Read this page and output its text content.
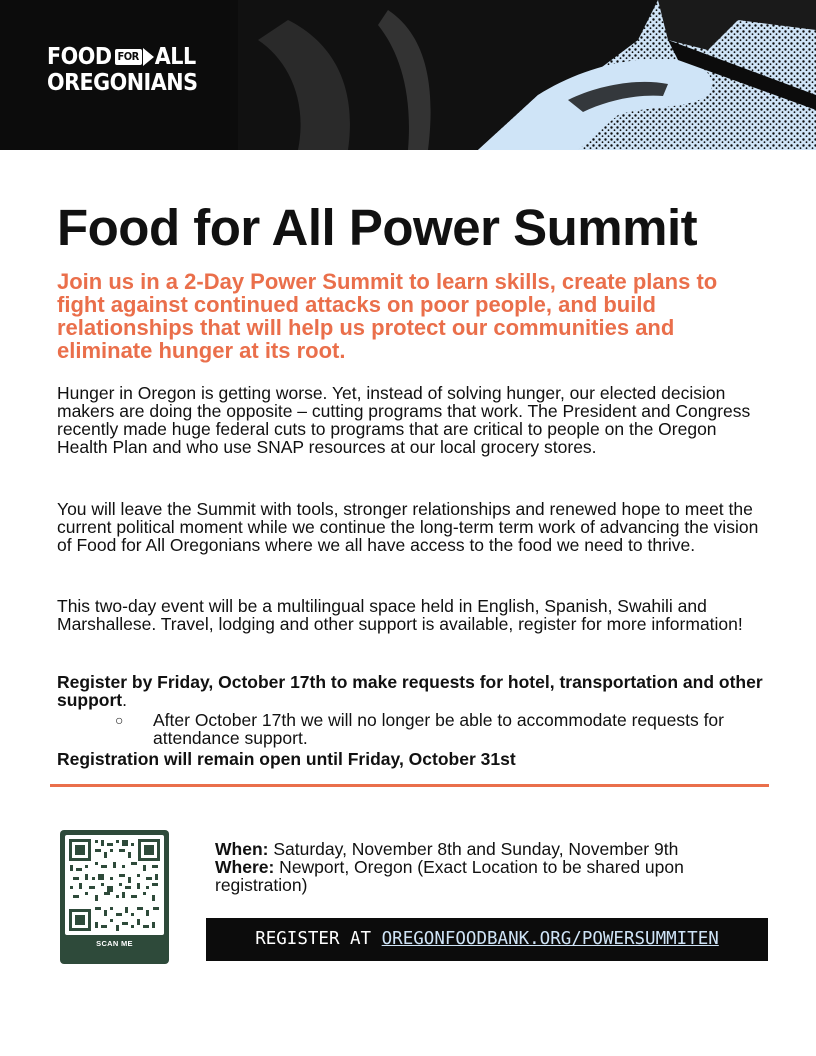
FOOD FOR ALL
OREGONIANS
Food for All Power Summit

Join us in a 2-Day Power Summit to learn skills, create plans to fight against continued attacks on poor people, and build relationships that will help us protect our communities and eliminate hunger at its root.

Hunger in Oregon is getting worse. Yet, instead of solving hunger, our elected decision makers are doing the opposite – cutting programs that work. The President and Congress recently made huge federal cuts to programs that are critical to people on the Oregon Health Plan and who use SNAP resources at our local grocery stores.

You will leave the Summit with tools, stronger relationships and renewed hope to meet the current political moment while we continue the long-term term work of advancing the vision of Food for All Oregonians where we all have access to the food we need to thrive.

This two-day event will be a multilingual space held in English, Spanish, Swahili and Marshallese. Travel, lodging and other support is available, register for more information!

Register by Friday, October 17th to make requests for hotel, transportation and other support.

○ After October 17th we will no longer be able to accommodate requests for attendance support.

Registration will remain open until Friday, October 31st

SCAN ME
When: Saturday, November 8th and Sunday, November 9th
Where: Newport, Oregon (Exact Location to be shared upon registration)
REGISTER AT OREGONFOODBANK.ORG/POWERSUMMITEN
